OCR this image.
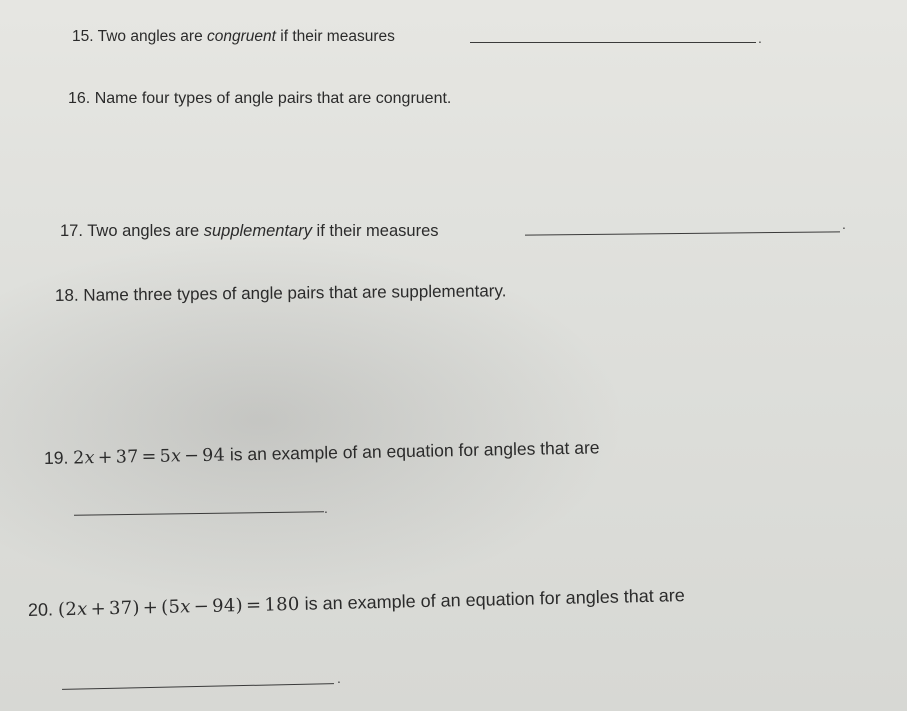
15. Two angles are congruent if their measures	.
16. Name four types of angle pairs that are congruent.
17. Two angles are supplementary if their measures	.
18. Name three types of angle pairs that are supplementary.
19. 2x + 37 = 5x − 94 is an example of an equation for angles that are
.
20. (2x + 37) + (5x − 94) = 180 is an example of an equation for angles that are
.
